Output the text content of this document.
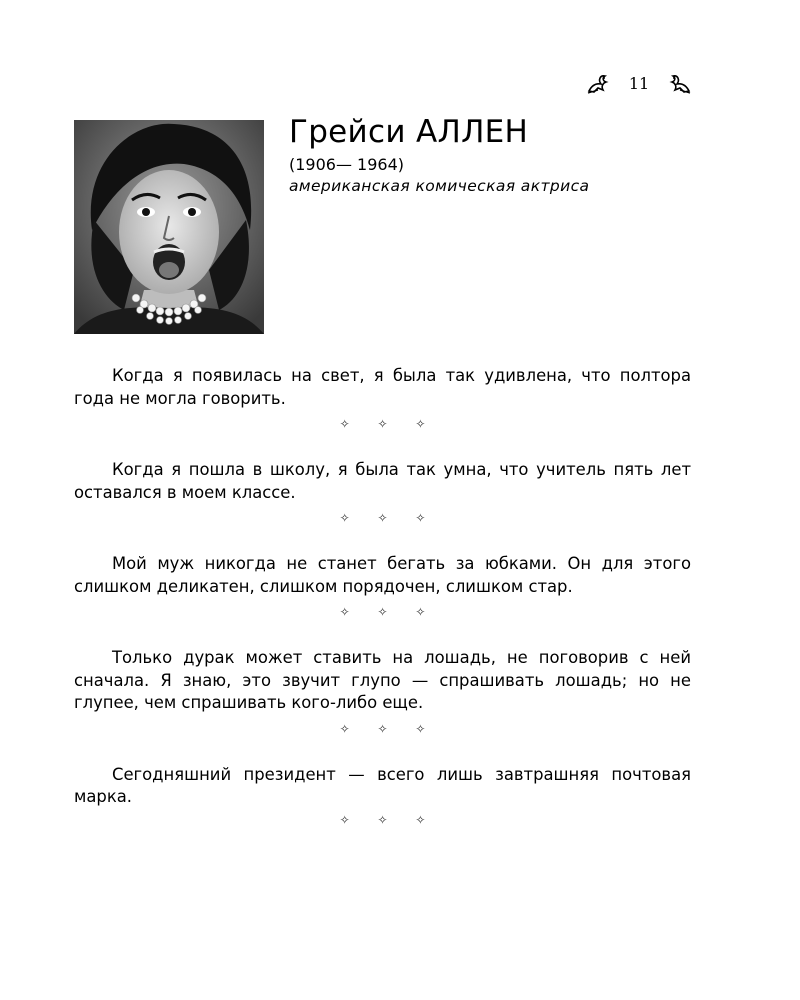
11
Грейси АЛЛЕН
(1906— 1964)
американская комическая актриса

Когда я появилась на свет, я была так удивлена, что полтора года не могла говорить.

✧ ✧ ✧

Когда я пошла в школу, я была так умна, что учитель пять лет оставался в моем классе.

✧ ✧ ✧

Мой муж никогда не станет бегать за юбками. Он для этого слишком деликатен, слишком порядочен, слишком стар.

✧ ✧ ✧

Только дурак может ставить на лошадь, не поговорив с ней сначала. Я знаю, это звучит глупо — спрашивать лошадь; но не глупее, чем спрашивать кого-либо еще.

✧ ✧ ✧

Сегодняшний президент — всего лишь завтрашняя почтовая марка.

✧ ✧ ✧
